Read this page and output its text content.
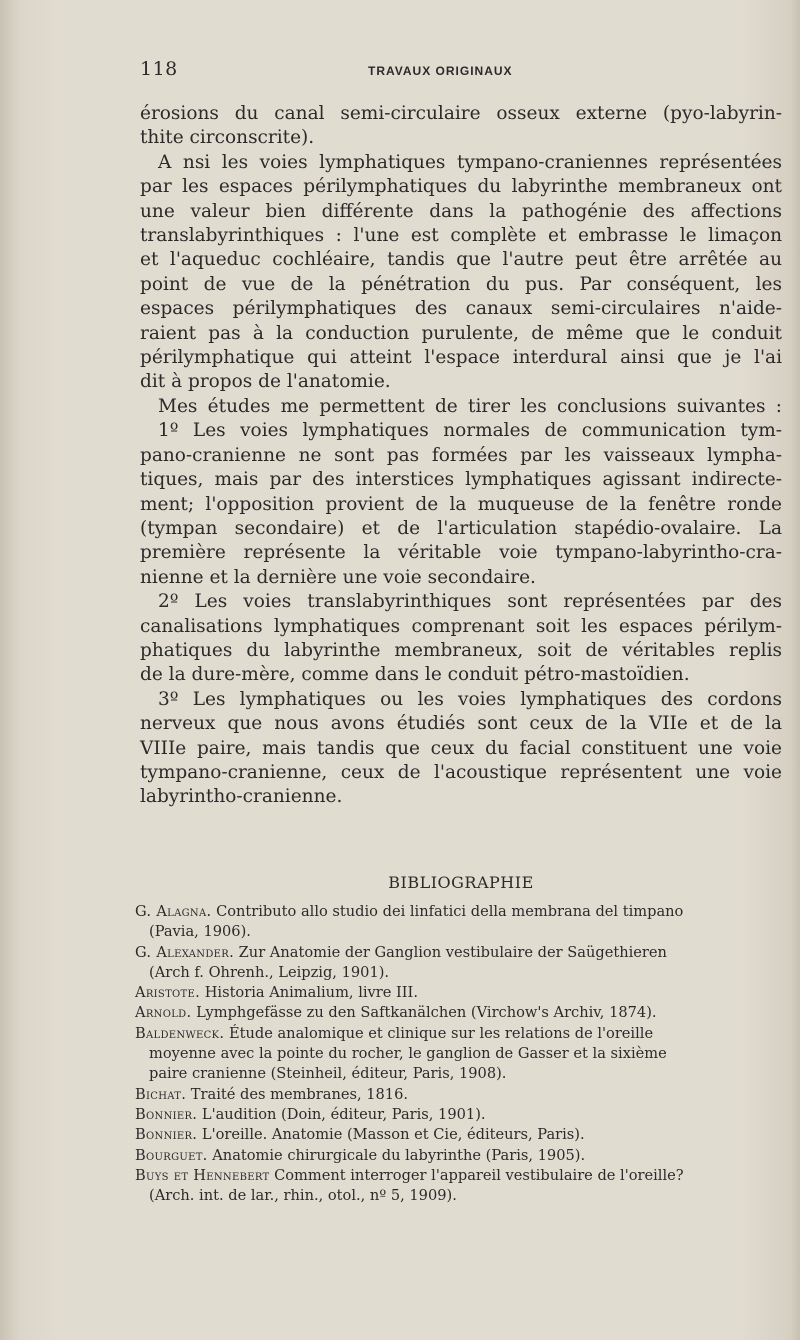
118	TRAVAUX ORIGINAUX
érosions du canal semi-circulaire osseux externe (pyo-labyrin-
thite circonscrite).
A nsi les voies lymphatiques tympano-craniennes représentées
par les espaces périlymphatiques du labyrinthe membraneux ont
une valeur bien différente dans la pathogénie des affections
translabyrinthiques : l'une est complète et embrasse le limaçon
et l'aqueduc cochléaire, tandis que l'autre peut être arrêtée au
point de vue de la pénétration du pus. Par conséquent, les
espaces périlymphatiques des canaux semi-circulaires n'aide-
raient pas à la conduction purulente, de même que le conduit
périlymphatique qui atteint l'espace interdural ainsi que je l'ai
dit à propos de l'anatomie.
Mes études me permettent de tirer les conclusions suivantes :
1º Les voies lymphatiques normales de communication tym-
pano-cranienne ne sont pas formées par les vaisseaux lympha-
tiques, mais par des interstices lymphatiques agissant indirecte-
ment; l'opposition provient de la muqueuse de la fenêtre ronde
(tympan secondaire) et de l'articulation stapédio-ovalaire. La
première représente la véritable voie tympano-labyrintho-cra-
nienne et la dernière une voie secondaire.
2º Les voies translabyrinthiques sont représentées par des
canalisations lymphatiques comprenant soit les espaces périlym-
phatiques du labyrinthe membraneux, soit de véritables replis
de la dure-mère, comme dans le conduit pétro-mastoïdien.
3º Les lymphatiques ou les voies lymphatiques des cordons
nerveux que nous avons étudiés sont ceux de la VIIe et de la
VIIIe paire, mais tandis que ceux du facial constituent une voie
tympano-cranienne, ceux de l'acoustique représentent une voie
labyrintho-cranienne.
BIBLIOGRAPHIE
G. Alagna. Contributo allo studio dei linfatici della membrana del timpano
(Pavia, 1906).
G. Alexander. Zur Anatomie der Ganglion vestibulaire der Saügethieren
(Arch f. Ohrenh., Leipzig, 1901).
Aristote. Historia Animalium, livre III.
Arnold. Lymphgefässe zu den Saftkanälchen (Virchow's Archiv, 1874).
Baldenweck. Étude analomique et clinique sur les relations de l'oreille
moyenne avec la pointe du rocher, le ganglion de Gasser et la sixième
paire cranienne (Steinheil, éditeur, Paris, 1908).
Bichat. Traité des membranes, 1816.
Bonnier. L'audition (Doin, éditeur, Paris, 1901).
Bonnier. L'oreille. Anatomie (Masson et Cie, éditeurs, Paris).
Bourguet. Anatomie chirurgicale du labyrinthe (Paris, 1905).
Buys et Hennebert Comment interroger l'appareil vestibulaire de l'oreille?
(Arch. int. de lar., rhin., otol., nº 5, 1909).
